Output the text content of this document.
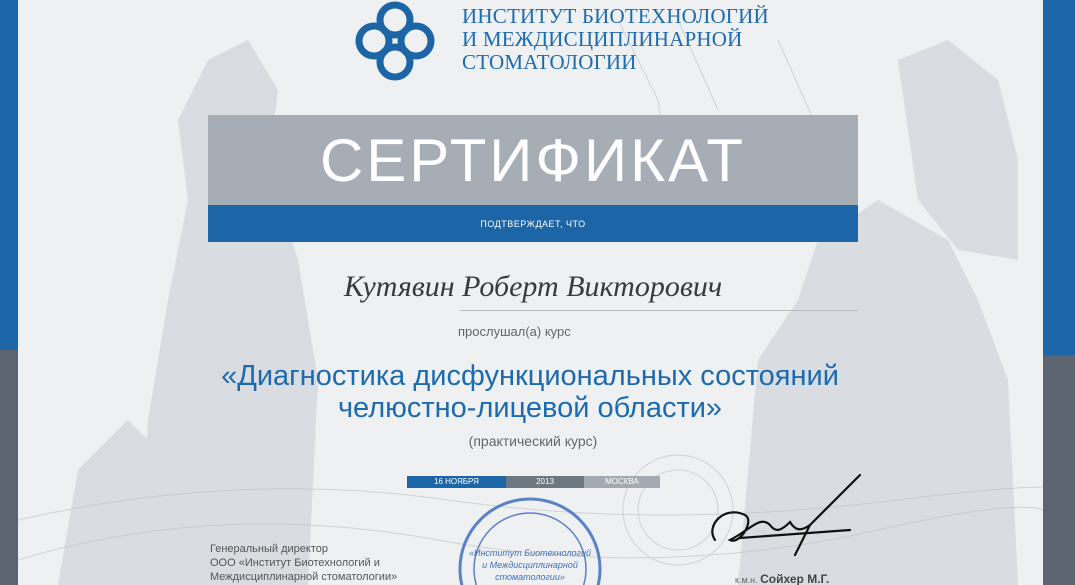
ИНСТИТУТ БИОТЕХНОЛОГИЙ
И МЕЖДИСЦИПЛИНАРНОЙ
СТОМАТОЛОГИИ
СЕРТИФИКАТ
ПОДТВЕРЖДАЕТ, ЧТО
Кутявин Роберт Викторович
прослушал(а) курс
«Диагностика дисфункциональных состояний
челюстно-лицевой области»
(практический курс)
16 НОЯБРЯ	2013	МОСКВА
Генеральный директор
ООО «Институт Биотехнологий и
Междисциплинарной стоматологии»
«Институт Биотехнологий
и Междисциплинарной
стоматологии»	к.м.н. Сойхер М.Г.
